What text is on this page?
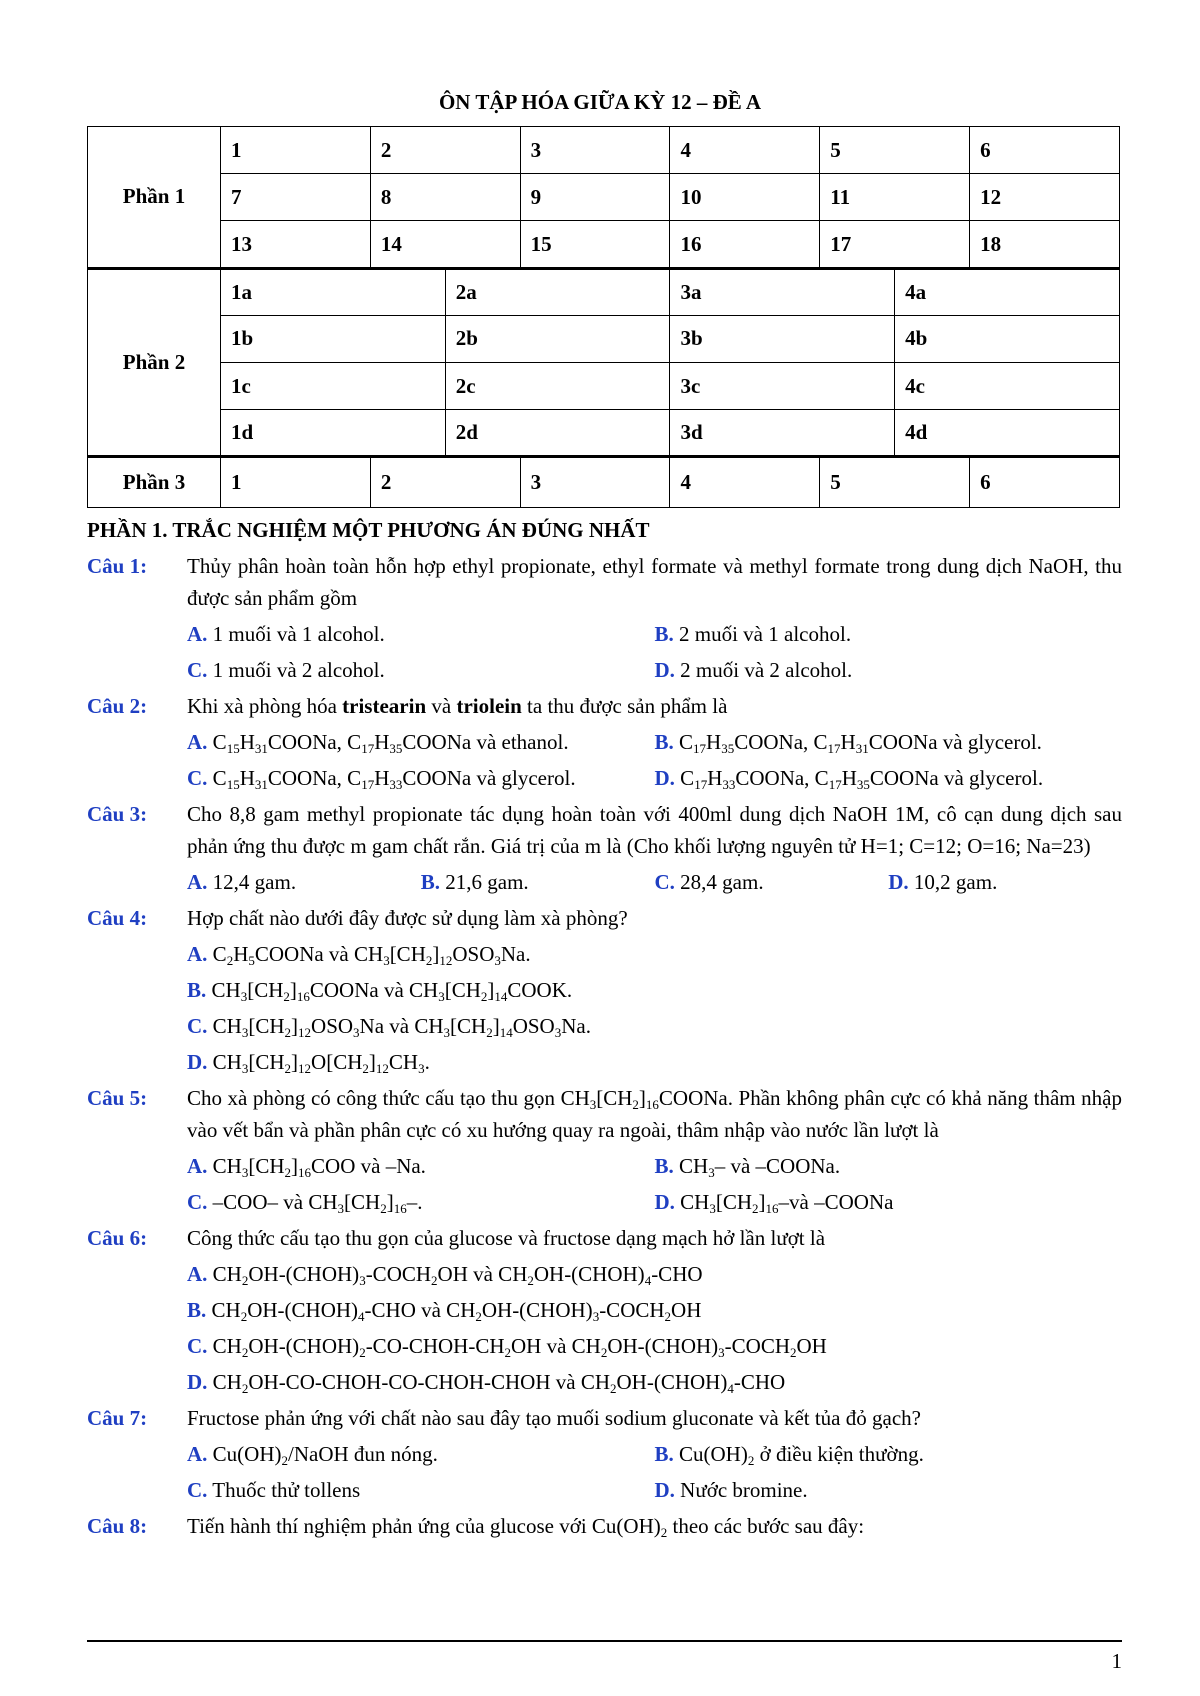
ÔN TẬP HÓA GIỮA KỲ 12 – ĐỀ A
Phần 1	1	2		3	4	5		6
	7	8		9	10	11		12
	13	14		15	16	17		18
Phần 2	1a		2a		3a		4a	
	1b		2b		3b		4b	
	1c		2c		3c		4c	
	1d		2d		3d		4d	
Phần 3	1	2		3	4	5		6
PHẦN 1. TRẮC NGHIỆM MỘT PHƯƠNG ÁN ĐÚNG NHẤT
Câu 1:	Thủy phân hoàn toàn hỗn hợp ethyl propionate, ethyl formate và methyl formate trong dung dịch NaOH, thu được sản phẩm gồm
A. 1 muối và 1 alcohol.	B. 2 muối và 1 alcohol.
C. 1 muối và 2 alcohol.	D. 2 muối và 2 alcohol.
Câu 2:	Khi xà phòng hóa tristearin và triolein ta thu được sản phẩm là
A. $C_{15}H_{31}COONa$, $C_{17}H_{35}COONa$ và ethanol.	B. $C_{17}H_{35}COONa$, $C_{17}H_{31}COONa$ và glycerol.
C. $C_{15}H_{31}COONa$, $C_{17}H_{33}COONa$ và glycerol.	D. $C_{17}H_{33}COONa$, $C_{17}H_{35}COONa$ và glycerol.
Câu 3:	Cho 8,8 gam methyl propionate tác dụng hoàn toàn với 400ml dung dịch NaOH 1M, cô cạn dung dịch sau phản ứng thu được m gam chất rắn. Giá trị của m là (Cho khối lượng nguyên tử H=1; C=12; O=16; Na=23)
A. 12,4 gam.	B. 21,6 gam.	C. 28,4 gam.	D. 10,2 gam.
Câu 4:	Hợp chất nào dưới đây được sử dụng làm xà phòng?
A. $C_2H_5COONa$ và $CH_3[CH_2]_{12}OSO_3Na$.
B. $CH_3[CH_2]_{16}COONa$ và $CH_3[CH_2]_{14}COOK$.
C. $CH_3[CH_2]_{12}OSO_3Na$ và $CH_3[CH_2]_{14}OSO_3Na$.
D. $CH_3[CH_2]_{12}O[CH_2]_{12}CH_3$.
Câu 5:	Cho xà phòng có công thức cấu tạo thu gọn $CH_3[CH_2]_{16}COONa$. Phần không phân cực có khả năng thâm nhập vào vết bẩn và phần phân cực có xu hướng quay ra ngoài, thâm nhập vào nước lần lượt là
A. $CH_3[CH_2]_{16}COO$ và –Na.	B. $CH_3-$ và –COONa.
C. –COO– và $CH_3[CH_2]_{16}-$.	D. $CH_3[CH_2]_{16}-và$ –COONa
Câu 6:	Công thức cấu tạo thu gọn của glucose và fructose dạng mạch hở lần lượt là
A. $CH_2OH-(CHOH)_3-COCH_2OH$ và $CH_2OH-(CHOH)_4$-CHO
B. $CH_2OH-(CHOH)_4$-CHO và $CH_2OH-(CHOH)_3-COCH_2OH$
C. $CH_2OH-(CHOH)_2-CO-CHOH-CH_2OH$ và $CH_2OH-(CHOH)_3-COCH_2OH$
D. $CH_2OH-CO-CHOH-CO-CHOH$-CHOH và $CH_2OH-(CHOH)_4$-CHO
Câu 7:	Fructose phản ứng với chất nào sau đây tạo muối sodium gluconate và kết tủa đỏ gạch?
A. $Cu(OH)_2$/NaOH đun nóng.	B. $Cu(OH)_2$ ở điều kiện thường.
C. Thuốc thử tollens	D. Nước bromine.
Câu 8:	Tiến hành thí nghiệm phản ứng của glucose với $Cu(OH)_2$ theo các bước sau đây:
1
